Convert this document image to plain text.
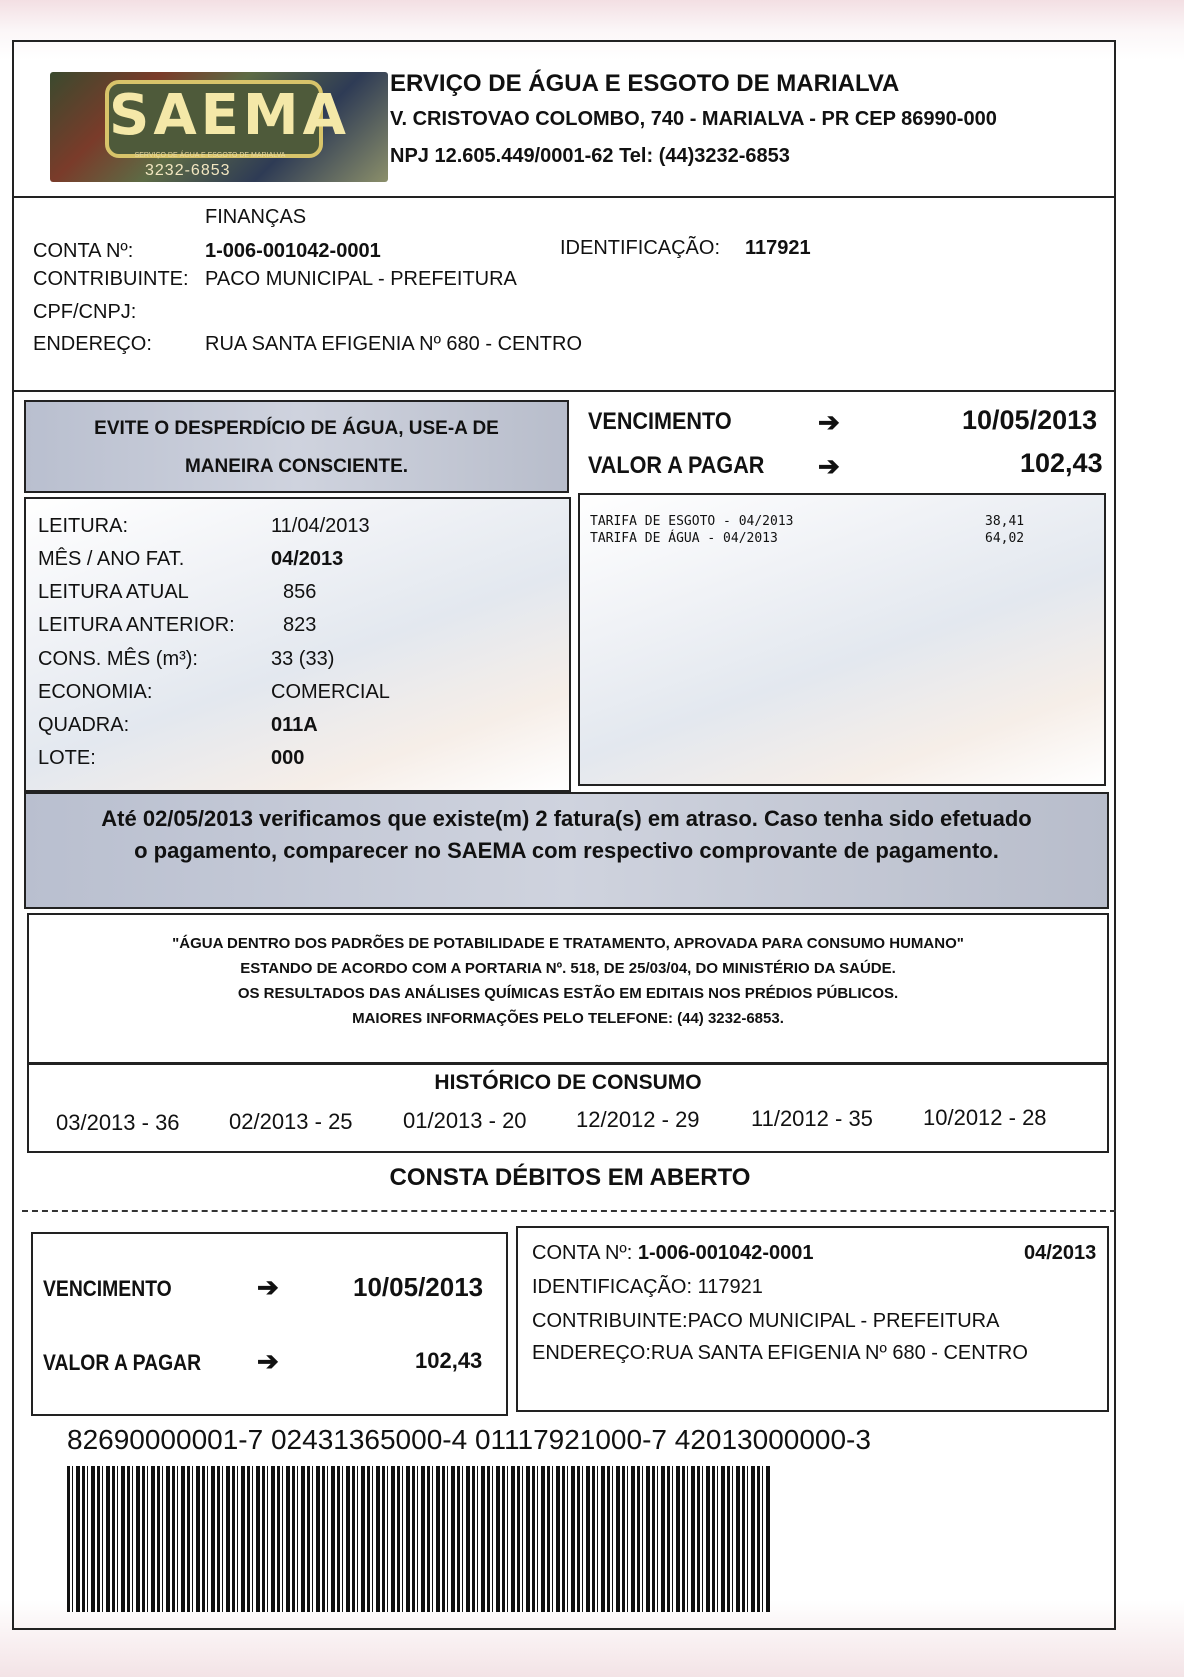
SAEMA
SERVIÇO DE ÁGUA E ESGOTO DE MARIALVA
3232-6853
ERVIÇO DE ÁGUA E ESGOTO DE MARIALVA
V. CRISTOVAO COLOMBO, 740 - MARIALVA - PR CEP 86990-000
NPJ 12.605.449/0001-62 Tel: (44)3232-6853
FINANÇAS
CONTA Nº:	1-006-001042-0001	IDENTIFICAÇÃO: 117921
CONTRIBUINTE: PACO MUNICIPAL - PREFEITURA
CPF/CNPJ:
ENDEREÇO:	RUA SANTA EFIGENIA Nº 680 - CENTRO
EVITE O DESPERDÍCIO DE ÁGUA, USE-A DE
MANEIRA CONSCIENTE.
VENCIMENTO	➔	10/05/2013
VALOR A PAGAR ➔	102,43
LEITURA:	11/04/2013
MÊS / ANO FAT.	04/2013
LEITURA ATUAL	856
LEITURA ANTERIOR: 823
CONS. MÊS (m³):	33 (33)
ECONOMIA:	COMERCIAL
QUADRA:	011A
LOTE:	000
TARIFA DE ESGOTO - 04/2013	38,41
TARIFA DE ÁGUA - 04/2013	64,02
Até 02/05/2013 verificamos que existe(m) 2 fatura(s) em atraso. Caso tenha sido efetuado
o pagamento, comparecer no SAEMA com respectivo comprovante de pagamento.
"ÁGUA DENTRO DOS PADRÕES DE POTABILIDADE E TRATAMENTO, APROVADA PARA CONSUMO HUMANO"
ESTANDO DE ACORDO COM A PORTARIA Nº. 518, DE 25/03/04, DO MINISTÉRIO DA SAÚDE.
OS RESULTADOS DAS ANÁLISES QUÍMICAS ESTÃO EM EDITAIS NOS PRÉDIOS PÚBLICOS.
MAIORES INFORMAÇÕES PELO TELEFONE: (44) 3232-6853.
HISTÓRICO DE CONSUMO
03/2013 - 36 02/2013 - 25 01/2013 - 20 12/2012 - 29 11/2012 - 35 10/2012 - 28
CONSTA DÉBITOS EM ABERTO
VENCIMENTO	➔	10/05/2013
VALOR A PAGAR ➔	102,43
CONTA Nº: 1-006-001042-0001	04/2013
IDENTIFICAÇÃO: 117921
CONTRIBUINTE:PACO MUNICIPAL - PREFEITURA
ENDEREÇO:RUA SANTA EFIGENIA Nº 680 - CENTRO
82690000001-7 02431365000-4 01117921000-7 42013000000-3
